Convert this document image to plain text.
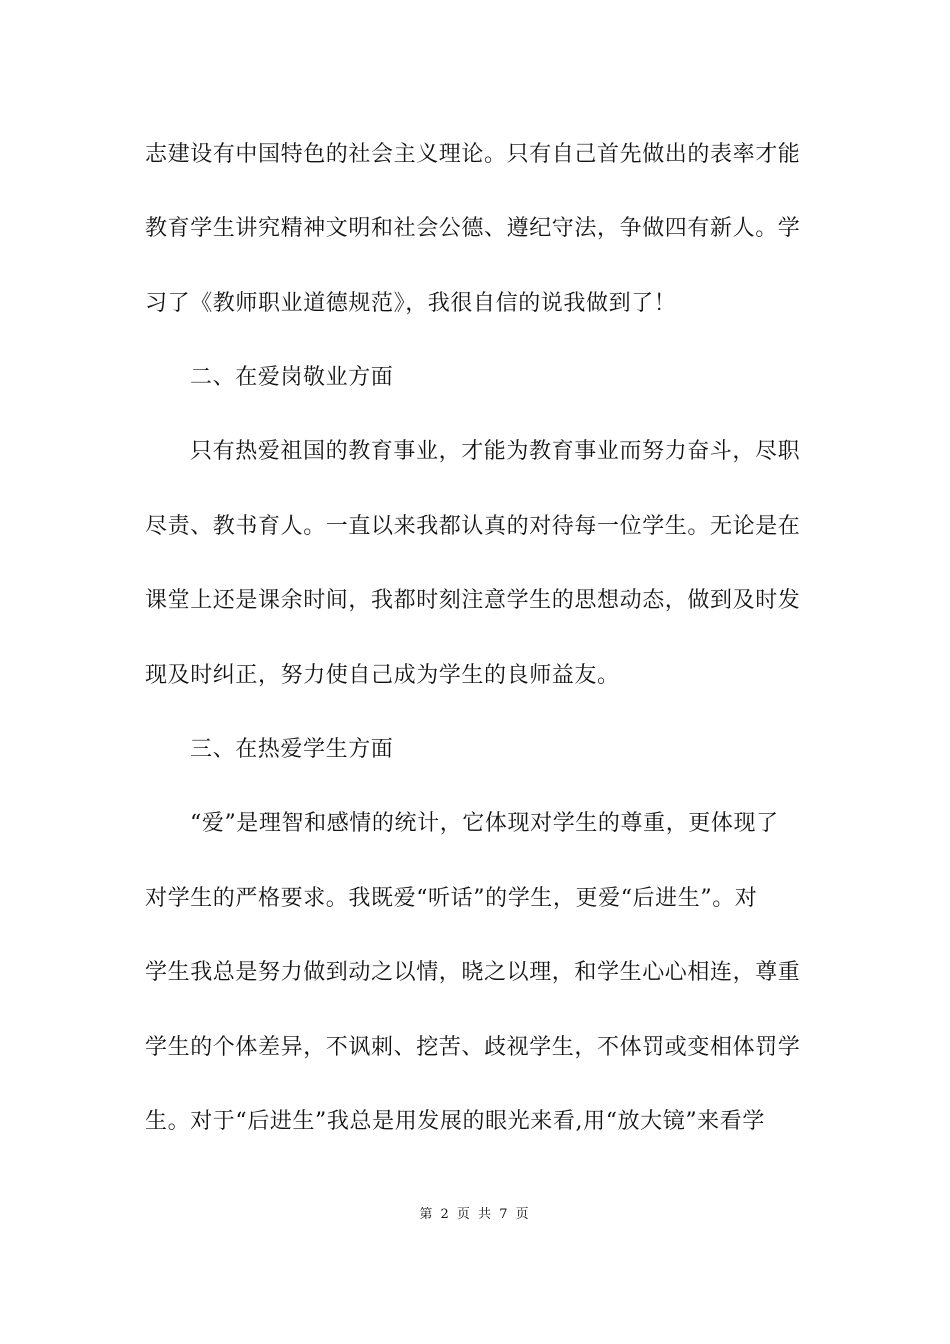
志建设有中国特色的社会主义理论。只有自己首先做出的表率才能
教育学生讲究精神文明和社会公德、遵纪守法，争做四有新人。学
习了《教师职业道德规范》，我很自信的说我做到了！
二、在爱岗敬业方面
只有热爱祖国的教育事业，才能为教育事业而努力奋斗，尽职
尽责、教书育人。一直以来我都认真的对待每一位学生。无论是在
课堂上还是课余时间，我都时刻注意学生的思想动态，做到及时发
现及时纠正，努力使自己成为学生的良师益友。
三、在热爱学生方面
“爱”是理智和感情的统计，它体现对学生的尊重，更体现了
对学生的严格要求。我既爱“听话”的学生，更爱“后进生”。对
学生我总是努力做到动之以情，晓之以理，和学生心心相连，尊重
学生的个体差异，不讽刺、挖苦、歧视学生，不体罚或变相体罚学
生。对于“后进生”我总是用发展的眼光来看,用“放大镜”来看学
第 2 页 共 7 页
